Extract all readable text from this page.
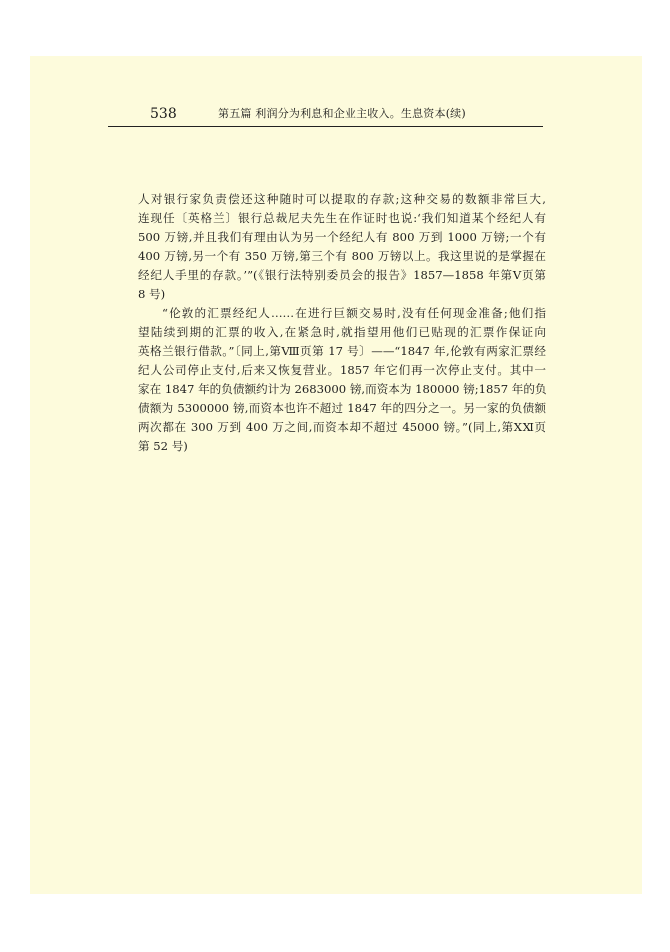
538	第五篇 利润分为利息和企业主收入。生息资本(续)
人对银行家负责偿还这种随时可以提取的存款;这种交易的数额非常巨大,
连现任〔英格兰〕银行总裁尼夫先生在作证时也说:‘我们知道某个经纪人有
500 万镑,并且我们有理由认为另一个经纪人有 800 万到 1000 万镑;一个有
400 万镑,另一个有 350 万镑,第三个有 800 万镑以上。我这里说的是掌握在
经纪人手里的存款。’”(《银行法特别委员会的报告》1857—1858 年第Ⅴ页第
8 号)
“伦敦的汇票经纪人……在进行巨额交易时,没有任何现金准备;他们指
望陆续到期的汇票的收入,在紧急时,就指望用他们已贴现的汇票作保证向
英格兰银行借款。”〔同上,第Ⅷ页第 17 号〕——“1847 年,伦敦有两家汇票经
纪人公司停止支付,后来又恢复营业。1857 年它们再一次停止支付。其中一
家在 1847 年的负债额约计为 2683000 镑,而资本为 180000 镑;1857 年的负
债额为 5300000 镑,而资本也许不超过 1847 年的四分之一。另一家的负债额
两次都在 300 万到 400 万之间,而资本却不超过 45000 镑。”(同上,第ⅩⅪ页
第 52 号)
